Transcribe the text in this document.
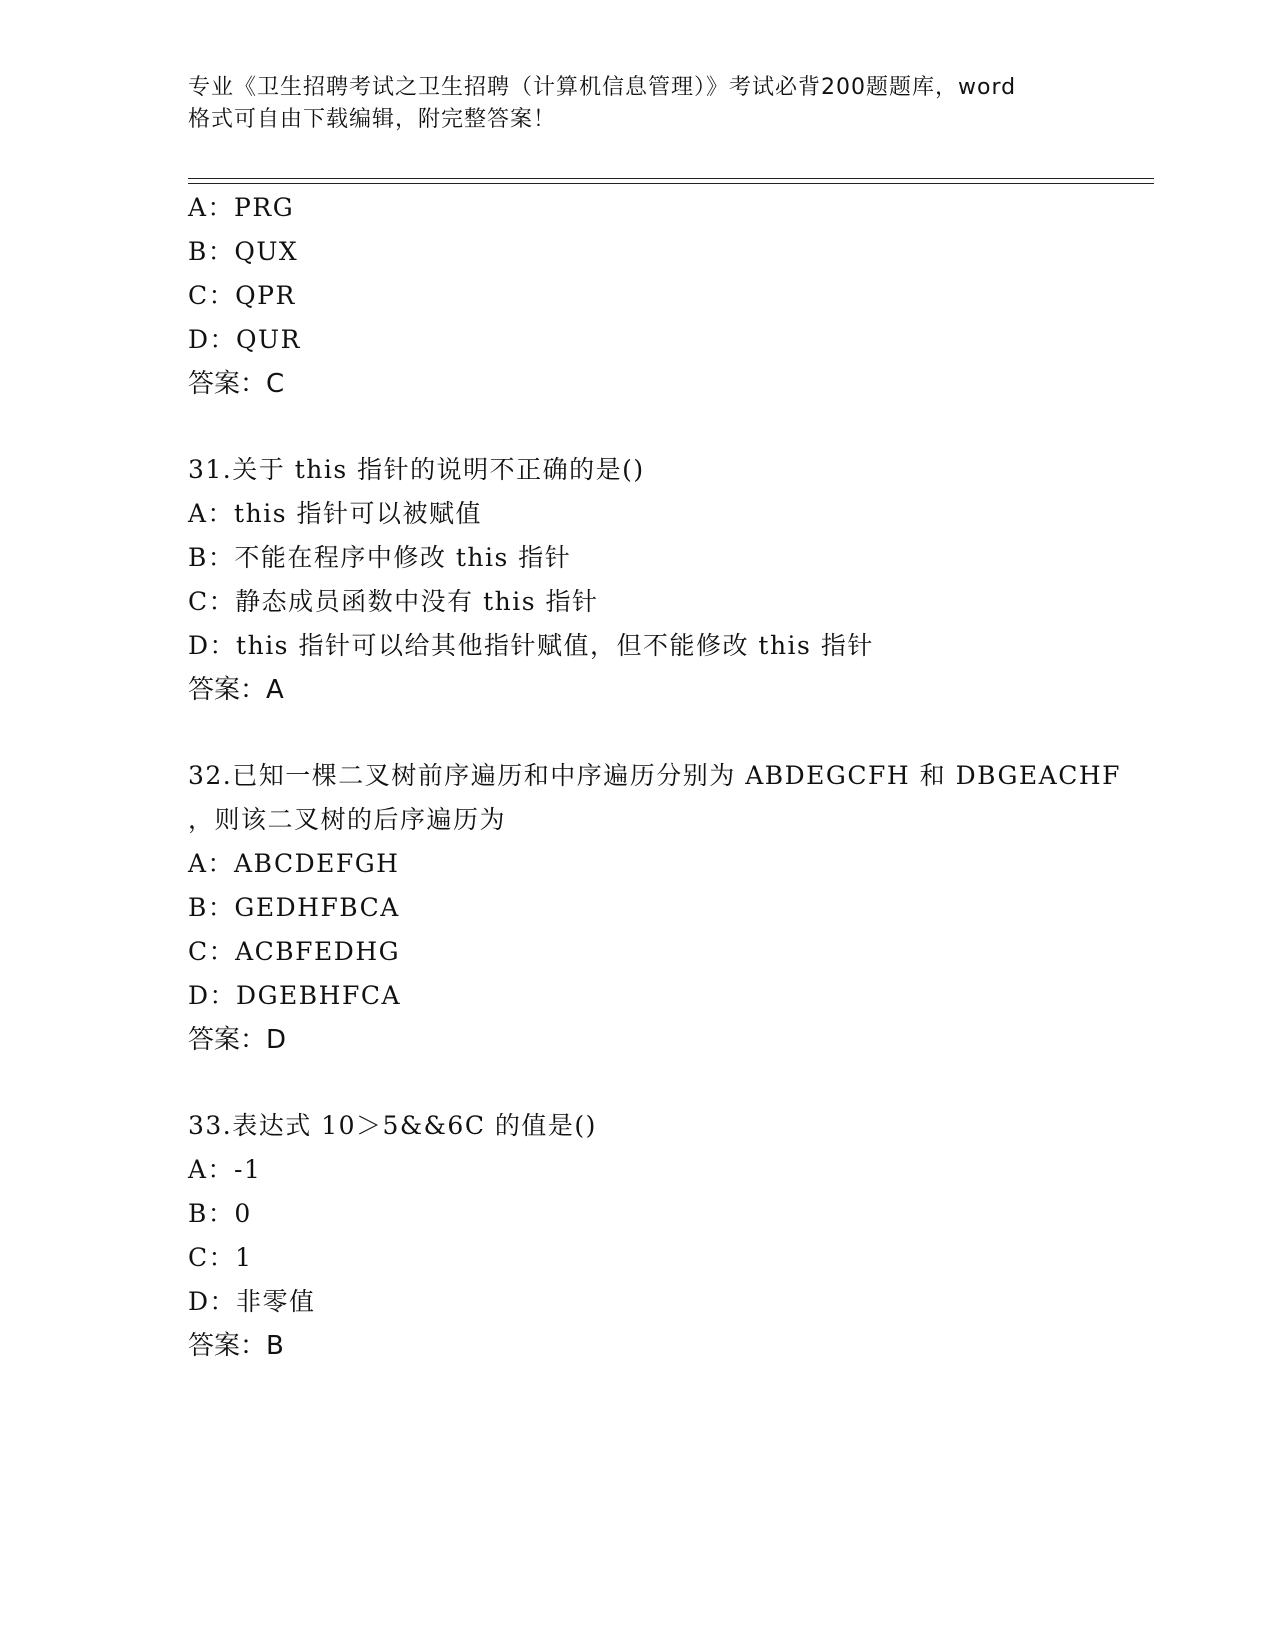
专业《卫生招聘考试之卫生招聘（计算机信息管理）》考试必背200题题库，word
格式可自由下载编辑，附完整答案！
A：PRG
B：QUX
C：QPR
D：QUR
答案：C
31.关于 this 指针的说明不正确的是()
A：this 指针可以被赋值
B：不能在程序中修改 this 指针
C：静态成员函数中没有 this 指针
D：this 指针可以给其他指针赋值，但不能修改 this 指针
答案：A
32.已知一棵二叉树前序遍历和中序遍历分别为 ABDEGCFH 和 DBGEACHF
，则该二叉树的后序遍历为
A：ABCDEFGH
B：GEDHFBCA
C：ACBFEDHG
D：DGEBHFCA
答案：D
33.表达式 10＞5&&6C 的值是()
A：-1
B：0
C：1
D：非零值
答案：B
